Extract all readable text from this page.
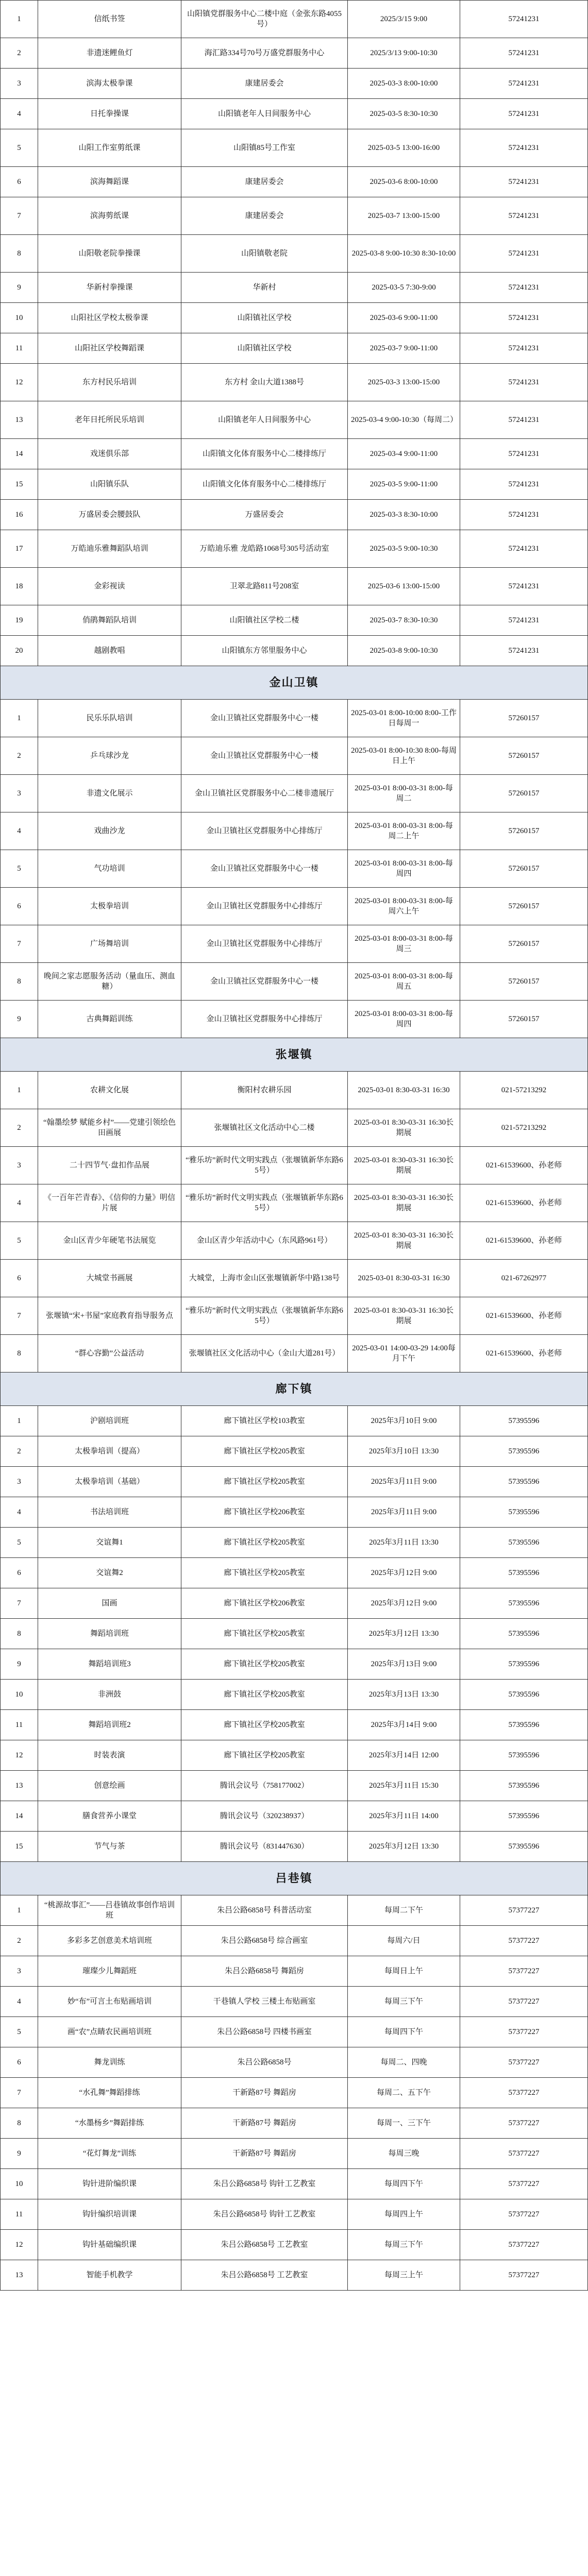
1	信纸书签	山阳镇党群服务中心二楼中庭（金张东路4055号）	2025/3/15 9:00	57241231
2	非遗迷鲤鱼灯	海汇路334号70号万盛党群服务中心	2025/3/13 9:00-10:30	57241231
3	滨海太极拳课	康建居委会	2025-03-3 8:00-10:00	57241231
4	日托拳操课	山阳镇老年人日间服务中心	2025-03-5 8:30-10:30	57241231
5	山阳工作室剪纸课	山阳镇85号工作室	2025-03-5 13:00-16:00	57241231
6	滨海舞蹈课	康建居委会	2025-03-6 8:00-10:00	57241231
7	滨海剪纸课	康建居委会	2025-03-7 13:00-15:00	57241231
8	山阳敬老院拳操课	山阳镇敬老院	2025-03-8 9:00-10:30 8:30-10:00	57241231
9	华新村拳操课	华新村	2025-03-5 7:30-9:00	57241231
10	山阳社区学校太极拳课	山阳镇社区学校	2025-03-6 9:00-11:00	57241231
11	山阳社区学校舞蹈课	山阳镇社区学校	2025-03-7 9:00-11:00	57241231
12	东方村民乐培训	东方村 金山大道1388号	2025-03-3 13:00-15:00	57241231
13	老年日托所民乐培训	山阳镇老年人日间服务中心	2025-03-4 9:00-10:30（每周二）	57241231
14	戏迷俱乐部	山阳镇文化体育服务中心二楼排练厅	2025-03-4 9:00-11:00	57241231
15	山阳镇乐队	山阳镇文化体育服务中心二楼排练厅	2025-03-5 9:00-11:00	57241231
16	万盛居委会腰鼓队	万盛居委会	2025-03-3 8:30-10:00	57241231
17	万皓迪乐雅舞蹈队培训	万皓迪乐雅 龙皓路1068号305号活动室	2025-03-5 9:00-10:30	57241231
18	金彩视读	卫翠北路811号208室	2025-03-6 13:00-15:00	57241231
19	俏鹃舞蹈队培训	山阳镇社区学校二楼	2025-03-7 8:30-10:30	57241231
20	越剧教唱	山阳镇东方邻里服务中心	2025-03-8 9:00-10:30	57241231
金山卫镇				
1	民乐乐队培训	金山卫镇社区党群服务中心一楼	2025-03-01 8:00-10:00 8:00-工作日每周一	57260157
2	乒乓球沙龙	金山卫镇社区党群服务中心一楼	2025-03-01 8:00-10:30 8:00-每周日上午	57260157
3	非遗文化展示	金山卫镇社区党群服务中心二楼非遗展厅	2025-03-01 8:00-03-31 8:00-每周二	57260157
4	戏曲沙龙	金山卫镇社区党群服务中心排练厅	2025-03-01 8:00-03-31 8:00-每周二上午	57260157
5	气功培训	金山卫镇社区党群服务中心一楼	2025-03-01 8:00-03-31 8:00-每周四	57260157
6	太极拳培训	金山卫镇社区党群服务中心排练厅	2025-03-01 8:00-03-31 8:00-每周六上午	57260157
7	广场舞培训	金山卫镇社区党群服务中心排练厅	2025-03-01 8:00-03-31 8:00-每周三	57260157
8	晚间之家志愿服务活动（量血压、测血糖）	金山卫镇社区党群服务中心一楼	2025-03-01 8:00-03-31 8:00-每周五	57260157
9	古典舞蹈训练	金山卫镇社区党群服务中心排练厅	2025-03-01 8:00-03-31 8:00-每周四	57260157
张堰镇				
1	农耕文化展	衡阳村农耕乐园	2025-03-01 8:30-03-31 16:30	021-57213292
2	“翰墨绘梦 赋能乡村”——党建引领绘色田画展	张堰镇社区文化活动中心二楼	2025-03-01 8:30-03-31 16:30长期展	021-57213292
3	二十四节气·盘扣作品展	“雅乐坊”新时代文明实践点（张堰镇新华东路65号）	2025-03-01 8:30-03-31 16:30长期展	021-61539600、孙老师
4	《一百年芒青春》、《信仰的力量》明信片展	“雅乐坊”新时代文明实践点（张堰镇新华东路65号）	2025-03-01 8:30-03-31 16:30长期展	021-61539600、孙老师
5	金山区青少年硬笔书法展览	金山区青少年活动中心（东风路961号）	2025-03-01 8:30-03-31 16:30长期展	021-61539600、孙老师
6	大城堂书画展	大城堂，上海市金山区张堰镇新华中路138号	2025-03-01 8:30-03-31 16:30	021-67262977
7	张堰镇“宋+书屋”家庭教育指导服务点	“雅乐坊”新时代文明实践点（张堰镇新华东路65号）	2025-03-01 8:30-03-31 16:30长期展	021-61539600、孙老师
8	“群心容勤”公益活动	张堰镇社区文化活动中心（金山大道281号）	2025-03-01 14:00-03-29 14:00每月下午	021-61539600、孙老师
廊下镇				
1	沪剧培训班	廊下镇社区学校103教室	2025年3月10日 9:00	57395596
2	太极拳培训（提高）	廊下镇社区学校205教室	2025年3月10日 13:30	57395596
3	太极拳培训（基础）	廊下镇社区学校205教室	2025年3月11日 9:00	57395596
4	书法培训班	廊下镇社区学校206教室	2025年3月11日 9:00	57395596
5	交谊舞1	廊下镇社区学校205教室	2025年3月11日 13:30	57395596
6	交谊舞2	廊下镇社区学校205教室	2025年3月12日 9:00	57395596
7	国画	廊下镇社区学校206教室	2025年3月12日 9:00	57395596
8	舞蹈培训班	廊下镇社区学校205教室	2025年3月12日 13:30	57395596
9	舞蹈培训班3	廊下镇社区学校205教室	2025年3月13日 9:00	57395596
10	非洲鼓	廊下镇社区学校205教室	2025年3月13日 13:30	57395596
11	舞蹈培训班2	廊下镇社区学校205教室	2025年3月14日 9:00	57395596
12	时装表演	廊下镇社区学校205教室	2025年3月14日 12:00	57395596
13	创意绘画	腾讯会议号（758177002）	2025年3月11日 15:30	57395596
14	膳食营养小课堂	腾讯会议号（320238937）	2025年3月11日 14:00	57395596
15	节气与茶	腾讯会议号（831447630）	2025年3月12日 13:30	57395596
吕巷镇				
1	“桃源故事汇”——吕巷镇故事创作培训班	朱吕公路6858号 科普活动室	每周二下午	57377227
2	多彩多艺创意美术培训班	朱吕公路6858号 综合画室	每周六/日	57377227
3	璀璨少儿舞蹈班	朱吕公路6858号 舞蹈房	每周日上午	57377227
4	妙“布”可言土布贴画培训	干巷镇人学校 三楼土布贴画室	每周三下午	57377227
5	画“农”点睛农民画培训班	朱吕公路6858号 四楼书画室	每周四下午	57377227
6	舞龙训练	朱吕公路6858号	每周二、四晚	57377227
7	“水孔舞”舞蹈排练	干新路87号 舞蹈房	每周二、五下午	57377227
8	“水墨杨乡”舞蹈排练	干新路87号 舞蹈房	每周一、三下午	57377227
9	“花灯舞龙”训练	干新路87号 舞蹈房	每周三晚	57377227
10	钩针进阶编织课	朱吕公路6858号 钩针工艺教室	每周四下午	57377227
11	钩针编织培训课	朱吕公路6858号 钩针工艺教室	每周四上午	57377227
12	钩针基础编织课	朱吕公路6858号 工艺教室	每周三下午	57377227
13	智能手机教学	朱吕公路6858号 工艺教室	每周三上午	57377227
